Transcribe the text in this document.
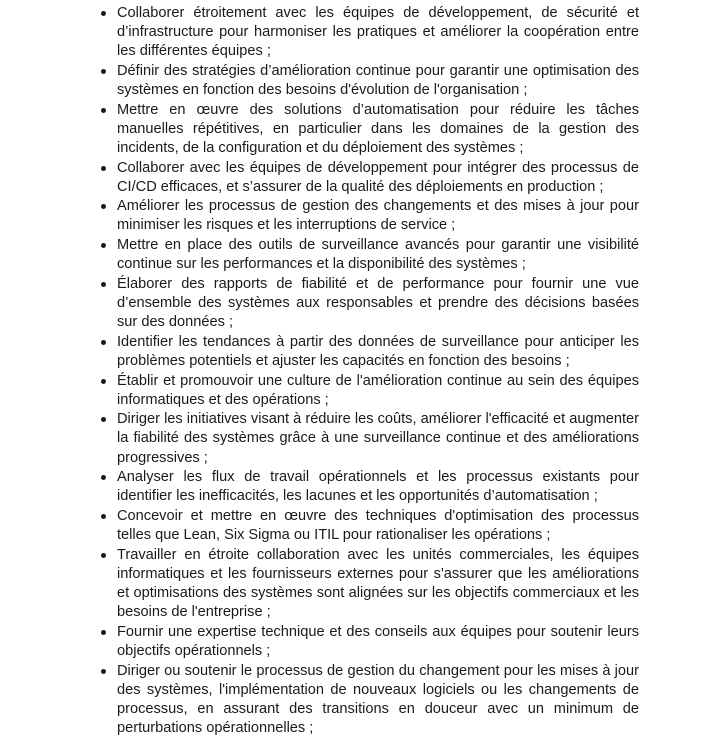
Collaborer étroitement avec les équipes de développement, de sécurité et d’infrastructure pour harmoniser les pratiques et améliorer la coopération entre les différentes équipes ;
Définir des stratégies d’amélioration continue pour garantir une optimisation des systèmes en fonction des besoins d'évolution de l'organisation ;
Mettre en œuvre des solutions d’automatisation pour réduire les tâches manuelles répétitives, en particulier dans les domaines de la gestion des incidents, de la configuration et du déploiement des systèmes ;
Collaborer avec les équipes de développement pour intégrer des processus de CI/CD efficaces, et s’assurer de la qualité des déploiements en production ;
Améliorer les processus de gestion des changements et des mises à jour pour minimiser les risques et les interruptions de service ;
Mettre en place des outils de surveillance avancés pour garantir une visibilité continue sur les performances et la disponibilité des systèmes ;
Élaborer des rapports de fiabilité et de performance pour fournir une vue d’ensemble des systèmes aux responsables et prendre des décisions basées sur des données ;
Identifier les tendances à partir des données de surveillance pour anticiper les problèmes potentiels et ajuster les capacités en fonction des besoins ;
Établir et promouvoir une culture de l'amélioration continue au sein des équipes informatiques et des opérations ;
Diriger les initiatives visant à réduire les coûts, améliorer l'efficacité et augmenter la fiabilité des systèmes grâce à une surveillance continue et des améliorations progressives ;
Analyser les flux de travail opérationnels et les processus existants pour identifier les inefficacités, les lacunes et les opportunités d’automatisation ;
Concevoir et mettre en œuvre des techniques d'optimisation des processus telles que Lean, Six Sigma ou ITIL pour rationaliser les opérations ;
Travailler en étroite collaboration avec les unités commerciales, les équipes informatiques et les fournisseurs externes pour s'assurer que les améliorations et optimisations des systèmes sont alignées sur les objectifs commerciaux et les besoins de l'entreprise ;
Fournir une expertise technique et des conseils aux équipes pour soutenir leurs objectifs opérationnels ;
Diriger ou soutenir le processus de gestion du changement pour les mises à jour des systèmes, l'implémentation de nouveaux logiciels ou les changements de processus, en assurant des transitions en douceur avec un minimum de perturbations opérationnelles ;
